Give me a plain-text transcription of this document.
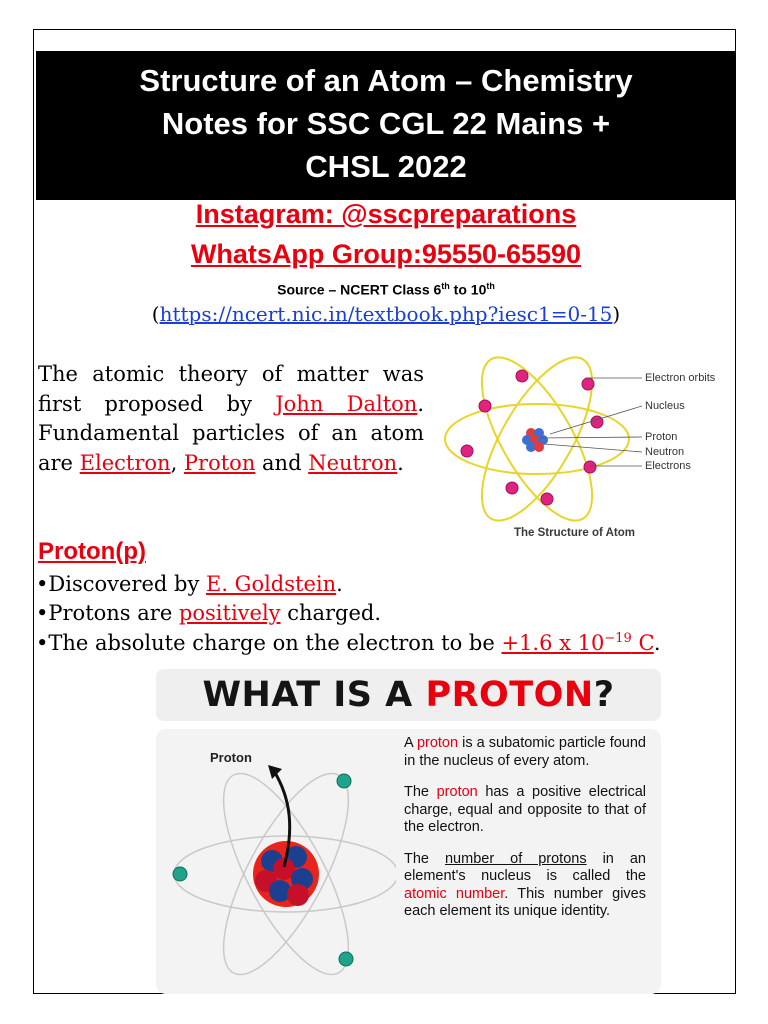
Structure of an Atom – Chemistry
Notes for SSC CGL 22 Mains +
CHSL 2022
Instagram: @sscpreparations
WhatsApp Group:95550-65590
Source – NCERT Class 6th to 10th
(https://ncert.nic.in/textbook.php?iesc1=0-15)
The atomic theory of matter was first proposed by John Dalton. Fundamental particles of an atom are Electron, Proton and Neutron.
Electron orbits
Nucleus
Proton
Neutron
Electrons
The Structure of Atom
Proton(p)
•Discovered by E. Goldstein.
•Protons are positively charged.
•The absolute charge on the electron to be +1.6 x $10^{-19}$ C.
WHAT IS A PROTON?
Proton

A proton is a subatomic particle found in the nucleus of every atom.

The proton has a positive electrical charge, equal and opposite to that of the electron.

The number of protons in an element's nucleus is called the atomic number. This number gives each element its unique identity.
